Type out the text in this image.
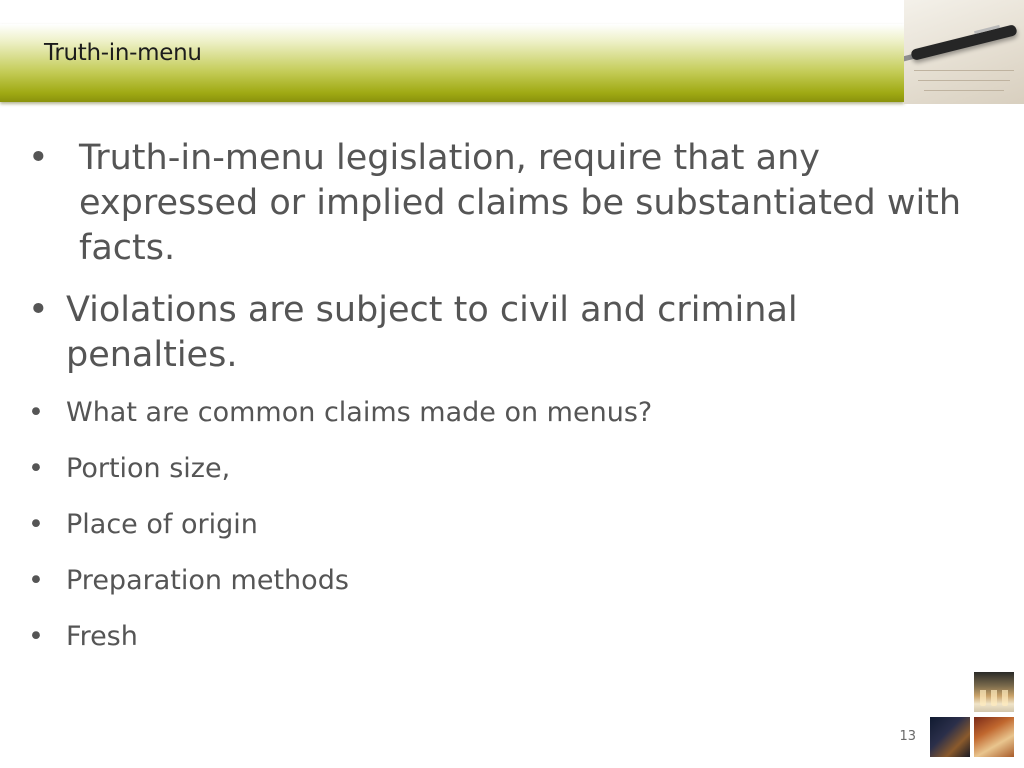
Truth-in-menu
• Truth-in-menu legislation, require that any expressed or implied claims be substantiated with facts.

• Violations are subject to civil and criminal penalties.

• What are common claims made on menus?

• Portion size,

• Place of origin

• Preparation methods

• Fresh

13
